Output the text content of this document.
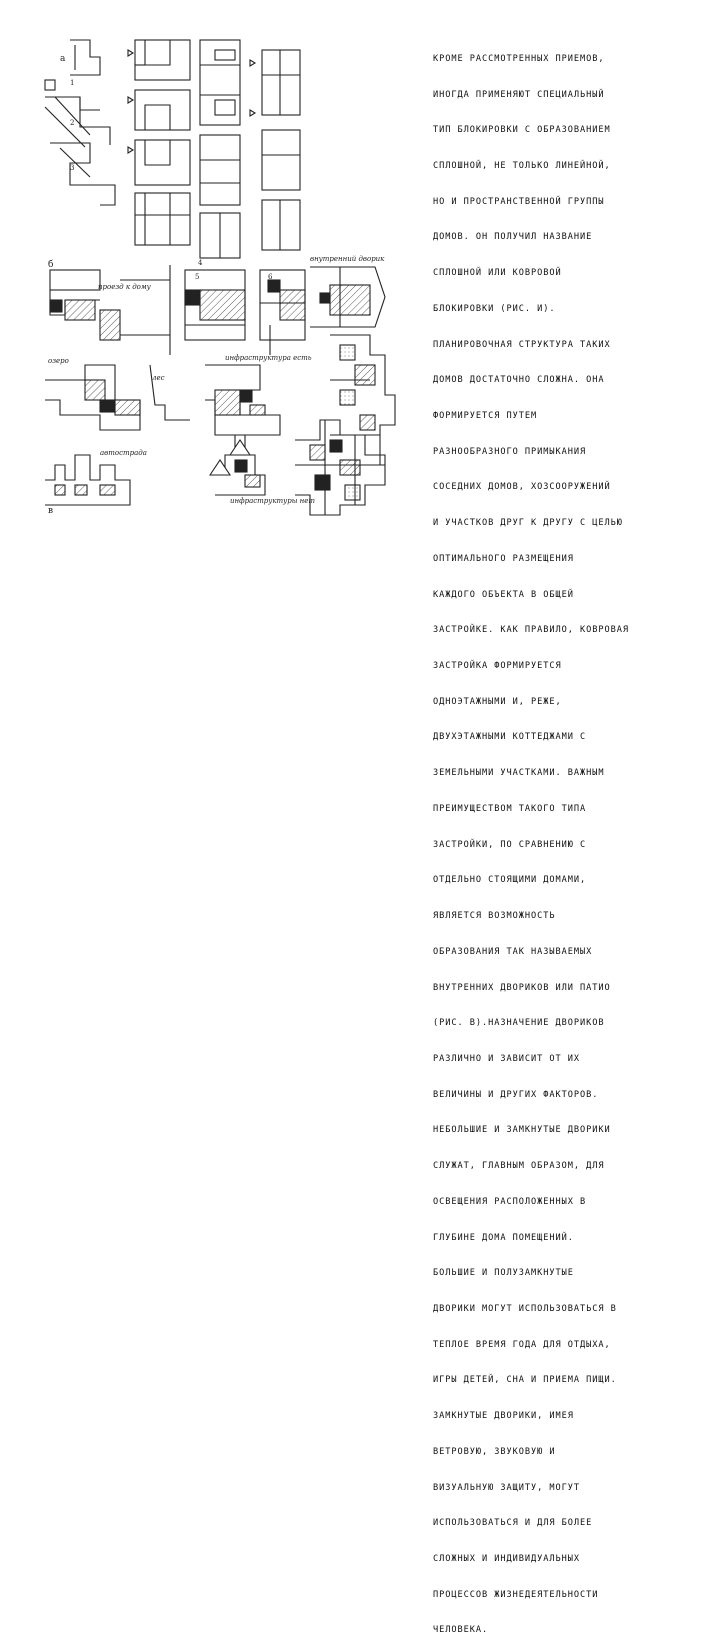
а
1
2
3
4
б
5	6
проезд к дому
внутренний дворик
озеро
лес
инфраструктура есть
автострада
инфраструктуры нет
в

КРОМЕ РАССМОТРЕННЫХ ПРИЕМОВ,

ИНОГДА ПРИМЕНЯЮТ СПЕЦИАЛЬНЫЙ

ТИП БЛОКИРОВКИ С ОБРАЗОВАНИЕМ

СПЛОШНОЙ, НЕ ТОЛЬКО ЛИНЕЙНОЙ,

НО И ПРОСТРАНСТВЕННОЙ ГРУППЫ

ДОМОВ. ОН ПОЛУЧИЛ НАЗВАНИЕ

СПЛОШНОЙ ИЛИ КОВРОВОЙ

БЛОКИРОВКИ (РИС. И).

ПЛАНИРОВОЧНАЯ СТРУКТУРА ТАКИХ

ДОМОВ ДОСТАТОЧНО СЛОЖНА. ОНА

ФОРМИРУЕТСЯ ПУТЕМ

РАЗНООБРАЗНОГО ПРИМЫКАНИЯ

СОСЕДНИХ ДОМОВ, ХОЗСООРУЖЕНИЙ

И УЧАСТКОВ ДРУГ К ДРУГУ С ЦЕЛЬЮ

ОПТИМАЛЬНОГО РАЗМЕЩЕНИЯ

КАЖДОГО ОБЪЕКТА В ОБЩЕЙ

ЗАСТРОЙКЕ. КАК ПРАВИЛО, КОВРОВАЯ

ЗАСТРОЙКА ФОРМИРУЕТСЯ

ОДНОЭТАЖНЫМИ И, РЕЖЕ,

ДВУХЭТАЖНЫМИ КОТТЕДЖАМИ С

ЗЕМЕЛЬНЫМИ УЧАСТКАМИ. ВАЖНЫМ

ПРЕИМУЩЕСТВОМ ТАКОГО ТИПА

ЗАСТРОЙКИ, ПО СРАВНЕНИЮ С

ОТДЕЛЬНО СТОЯЩИМИ ДОМАМИ,

ЯВЛЯЕТСЯ ВОЗМОЖНОСТЬ

ОБРАЗОВАНИЯ ТАК НАЗЫВАЕМЫХ

ВНУТРЕННИХ ДВОРИКОВ ИЛИ ПАТИО

(РИС. В).НАЗНАЧЕНИЕ ДВОРИКОВ

РАЗЛИЧНО И ЗАВИСИТ ОТ ИХ

ВЕЛИЧИНЫ И ДРУГИХ ФАКТОРОВ.

НЕБОЛЬШИЕ И ЗАМКНУТЫЕ ДВОРИКИ

СЛУЖАТ, ГЛАВНЫМ ОБРАЗОМ, ДЛЯ

ОСВЕЩЕНИЯ РАСПОЛОЖЕННЫХ В

ГЛУБИНЕ ДОМА ПОМЕЩЕНИЙ.

БОЛЬШИЕ И ПОЛУЗАМКНУТЫЕ

ДВОРИКИ МОГУТ ИСПОЛЬЗОВАТЬСЯ В

ТЕПЛОЕ ВРЕМЯ ГОДА ДЛЯ ОТДЫХА,

ИГРЫ ДЕТЕЙ, СНА И ПРИЕМА ПИЩИ.

ЗАМКНУТЫЕ ДВОРИКИ, ИМЕЯ

ВЕТРОВУЮ, ЗВУКОВУЮ И

ВИЗУАЛЬНУЮ ЗАЩИТУ, МОГУТ

ИСПОЛЬЗОВАТЬСЯ И ДЛЯ БОЛЕЕ

СЛОЖНЫХ И ИНДИВИДУАЛЬНЫХ

ПРОЦЕССОВ ЖИЗНЕДЕЯТЕЛЬНОСТИ

ЧЕЛОВЕКА.
